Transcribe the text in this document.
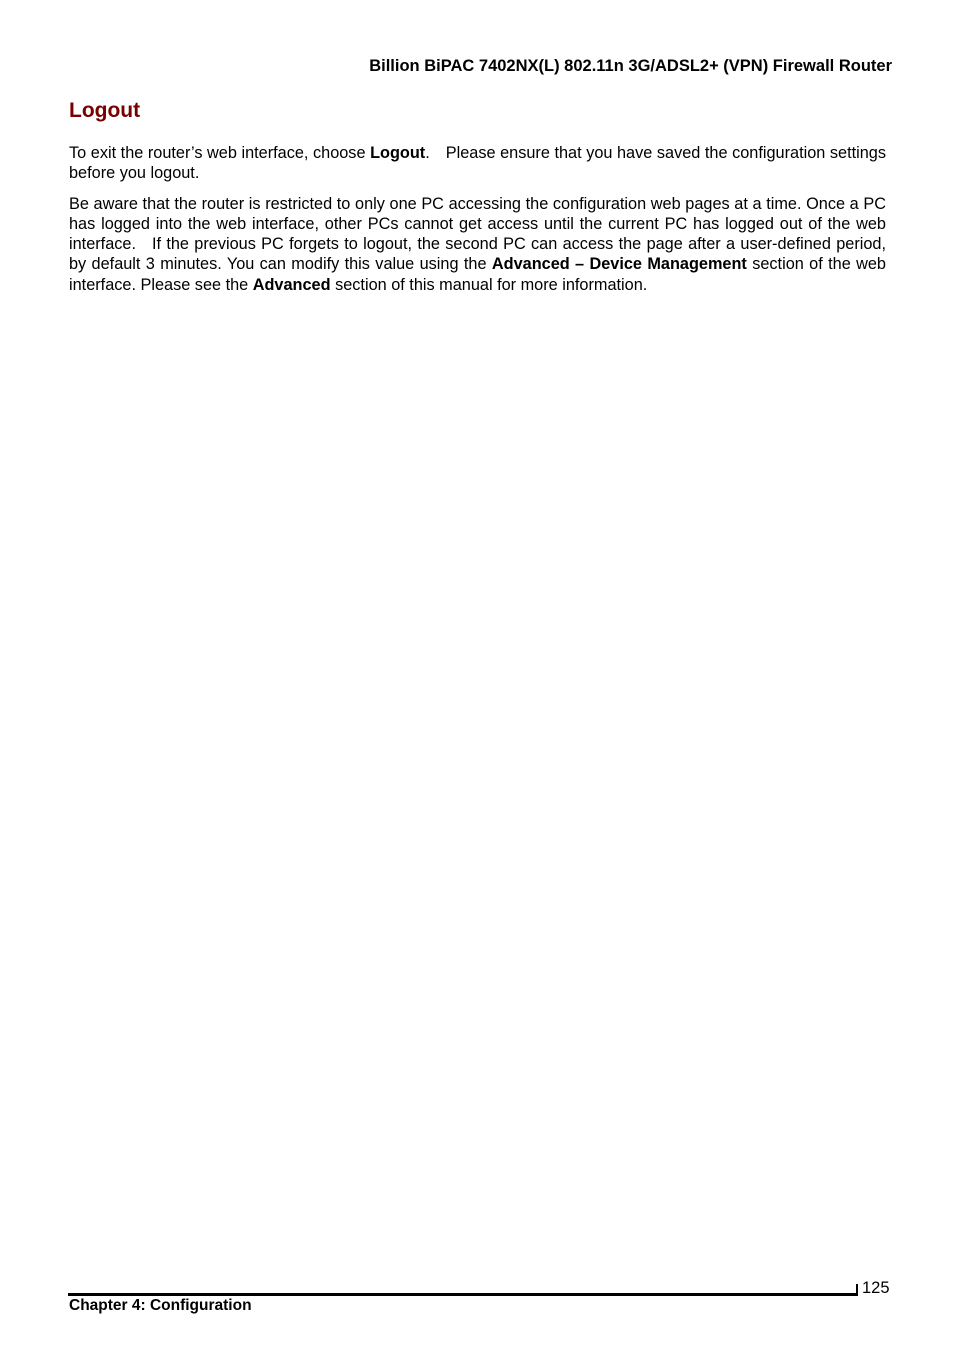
Billion BiPAC 7402NX(L) 802.11n 3G/ADSL2+ (VPN) Firewall Router
Logout

To exit the router’s web interface, choose Logout. Please ensure that you have saved the configuration settings before you logout.

Be aware that the router is restricted to only one PC accessing the configuration web pages at a time. Once a PC has logged into the web interface, other PCs cannot get access until the current PC has logged out of the web interface. If the previous PC forgets to logout, the second PC can access the page after a user-defined period, by default 3 minutes. You can modify this value using the Advanced – Device Management section of the web interface. Please see the Advanced section of this manual for more information.

125
Chapter 4: Configuration
